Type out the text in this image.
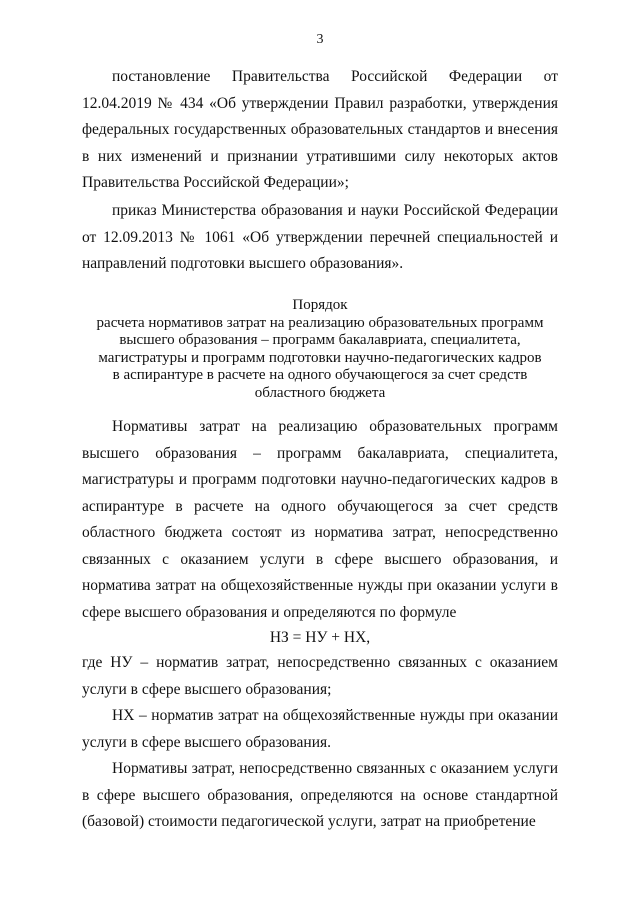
3
постановление Правительства Российской Федерации от 12.04.2019 № 434 «Об утверждении Правил разработки, утверждения федеральных государственных образовательных стандартов и внесения в них изменений и признании утратившими силу некоторых актов Правительства Российской Федерации»;
приказ Министерства образования и науки Российской Федерации от 12.09.2013 № 1061 «Об утверждении перечней специальностей и направлений подготовки высшего образования».
Порядок
расчета нормативов затрат на реализацию образовательных программ
высшего образования – программ бакалавриата, специалитета,
магистратуры и программ подготовки научно-педагогических кадров
в аспирантуре в расчете на одного обучающегося за счет средств
областного бюджета
Нормативы затрат на реализацию образовательных программ высшего образования – программ бакалавриата, специалитета, магистратуры и программ подготовки научно-педагогических кадров в аспирантуре в расчете на одного обучающегося за счет средств областного бюджета состоят из норматива затрат, непосредственно связанных с оказанием услуги в сфере высшего образования, и норматива затрат на общехозяйственные нужды при оказании услуги в сфере высшего образования и определяются по формуле
НЗ = НУ + НХ,
где НУ – норматив затрат, непосредственно связанных с оказанием услуги в сфере высшего образования;
НХ – норматив затрат на общехозяйственные нужды при оказании услуги в сфере высшего образования.
Нормативы затрат, непосредственно связанных с оказанием услуги в сфере высшего образования, определяются на основе стандартной (базовой) стоимости педагогической услуги, затрат на приобретение
